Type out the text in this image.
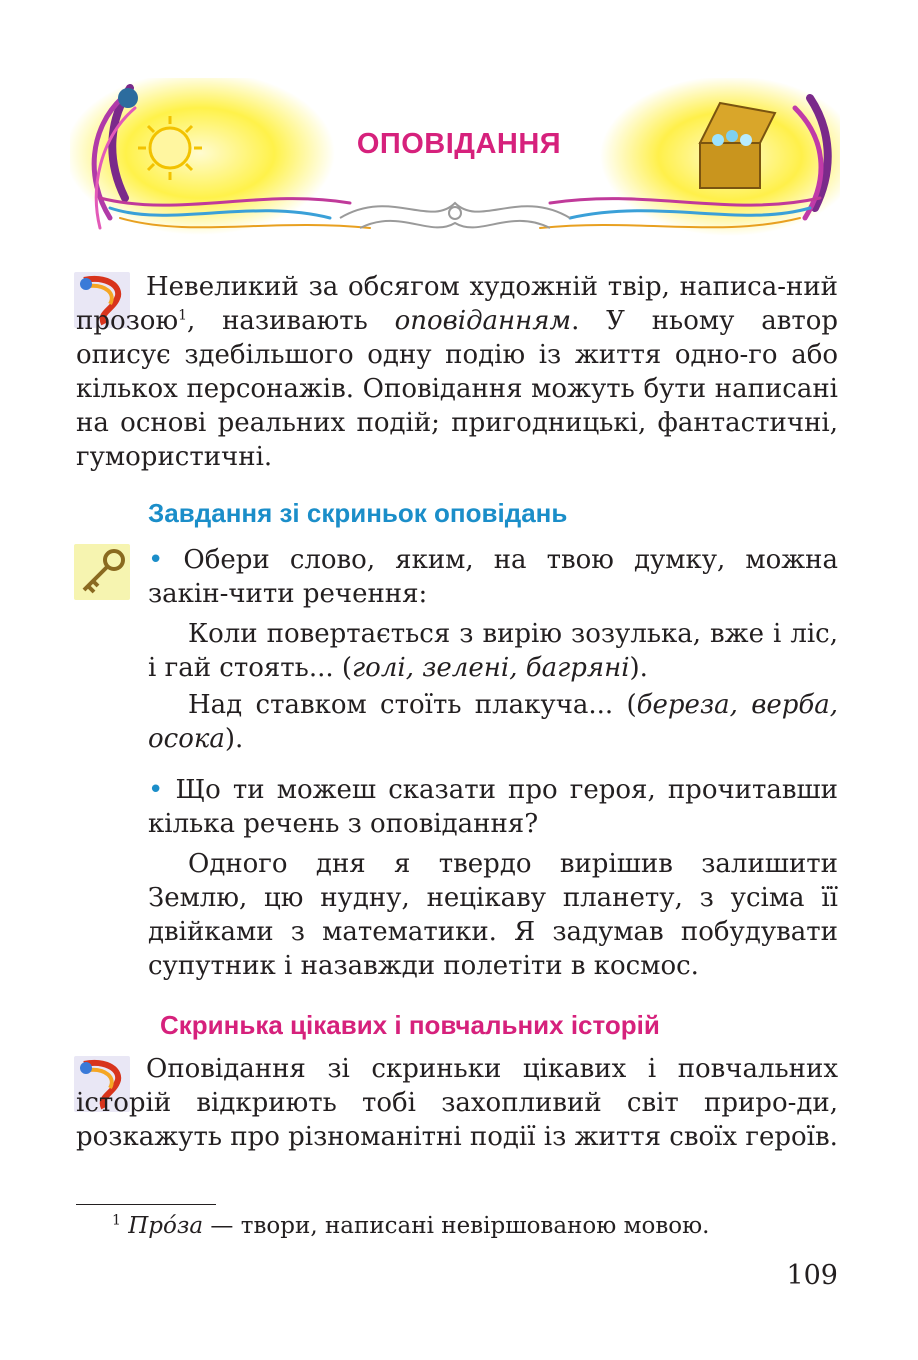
ОПОВІДАННЯ

Невеликий за обсягом художній твір, написа-ний прозою$^1$, називають оповіданням. У ньому автор описує здебільшого одну подію із життя одно-го або кількох персонажів. Оповідання можуть бути написані на основі реальних подій; пригодницькі, фантастичні, гумористичні.

Завдання зі скриньок оповідань

• Обери слово, яким, на твою думку, можна закін-чити речення:

Коли повертається з вирію зозулька, вже і ліс, і гай стоять... (голі, зелені, багряні).

Над ставком стоїть плакуча... (береза, верба, осока).

• Що ти можеш сказати про героя, прочитавши кілька речень з оповідання?

Одного дня я твердо вирішив залишити Землю, цю нудну, нецікаву планету, з усіма її двійками з математики. Я задумав побудувати супутник і назавжди полетіти в космос.

Скринька цікавих і повчальних історій

Оповідання зі скриньки цікавих і повчальних історій відкриють тобі захопливий світ приро-ди, розкажуть про різноманітні події із життя своїх героїв.

$^1$ Про́за — твори, написані невіршованою мовою.
109
